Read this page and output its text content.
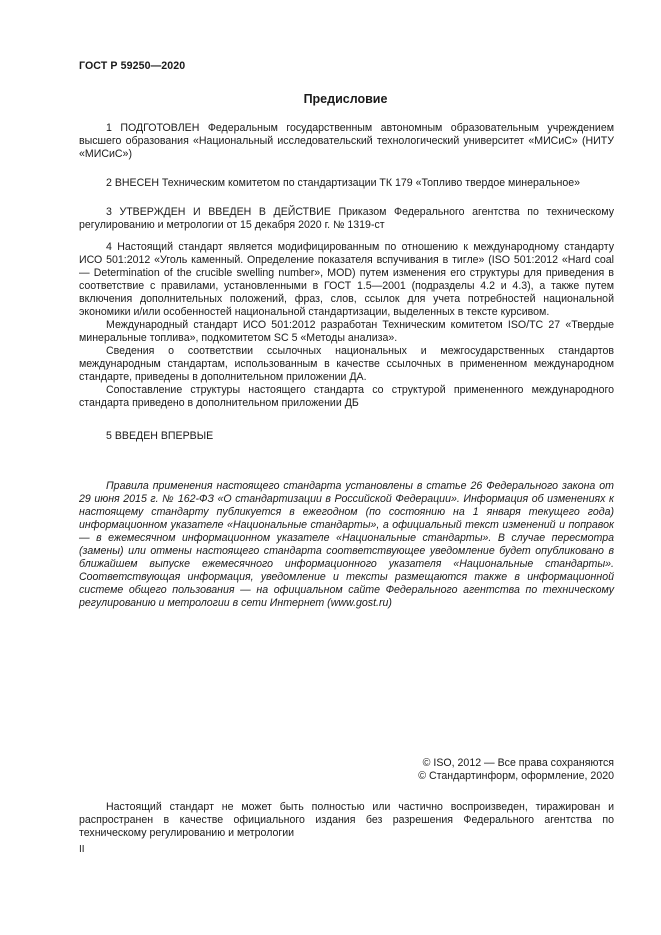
ГОСТ Р 59250—2020
Предисловие

1 ПОДГОТОВЛЕН Федеральным государственным автономным образовательным учреждением высшего образования «Национальный исследовательский технологический университет «МИСиС» (НИТУ «МИСиС»)

2 ВНЕСЕН Техническим комитетом по стандартизации ТК 179 «Топливо твердое минеральное»

3 УТВЕРЖДЕН И ВВЕДЕН В ДЕЙСТВИЕ Приказом Федерального агентства по техническому регулированию и метрологии от 15 декабря 2020 г. № 1319-ст

4 Настоящий стандарт является модифицированным по отношению к международному стандарту ИСО 501:2012 «Уголь каменный. Определение показателя вспучивания в тигле» (ISO 501:2012 «Hard coal — Determination of the crucible swelling number», MOD) путем изменения его структуры для приведения в соответствие с правилами, установленными в ГОСТ 1.5—2001 (подразделы 4.2 и 4.3), а также путем включения дополнительных положений, фраз, слов, ссылок для учета потребностей национальной экономики и/или особенностей национальной стандартизации, выделенных в тексте курсивом.

Международный стандарт ИСО 501:2012 разработан Техническим комитетом ISO/TC 27 «Твердые минеральные топлива», подкомитетом SC 5 «Методы анализа».

Сведения о соответствии ссылочных национальных и межгосударственных стандартов международным стандартам, использованным в качестве ссылочных в примененном международном стандарте, приведены в дополнительном приложении ДА.

Сопоставление структуры настоящего стандарта со структурой примененного международного стандарта приведено в дополнительном приложении ДБ

5 ВВЕДЕН ВПЕРВЫЕ

Правила применения настоящего стандарта установлены в статье 26 Федерального закона от 29 июня 2015 г. № 162-ФЗ «О стандартизации в Российской Федерации». Информация об изменениях к настоящему стандарту публикуется в ежегодном (по состоянию на 1 января текущего года) информационном указателе «Национальные стандарты», а официальный текст изменений и поправок — в ежемесячном информационном указателе «Национальные стандарты». В случае пересмотра (замены) или отмены настоящего стандарта соответствующее уведомление будет опубликовано в ближайшем выпуске ежемесячного информационного указателя «Национальные стандарты». Соответствующая информация, уведомление и тексты размещаются также в информационной системе общего пользования — на официальном сайте Федерального агентства по техническому регулированию и метрологии в сети Интернет (www.gost.ru)

© ISO, 2012 — Все права сохраняются
© Стандартинформ, оформление, 2020

Настоящий стандарт не может быть полностью или частично воспроизведен, тиражирован и распространен в качестве официального издания без разрешения Федерального агентства по техническому регулированию и метрологии

II
